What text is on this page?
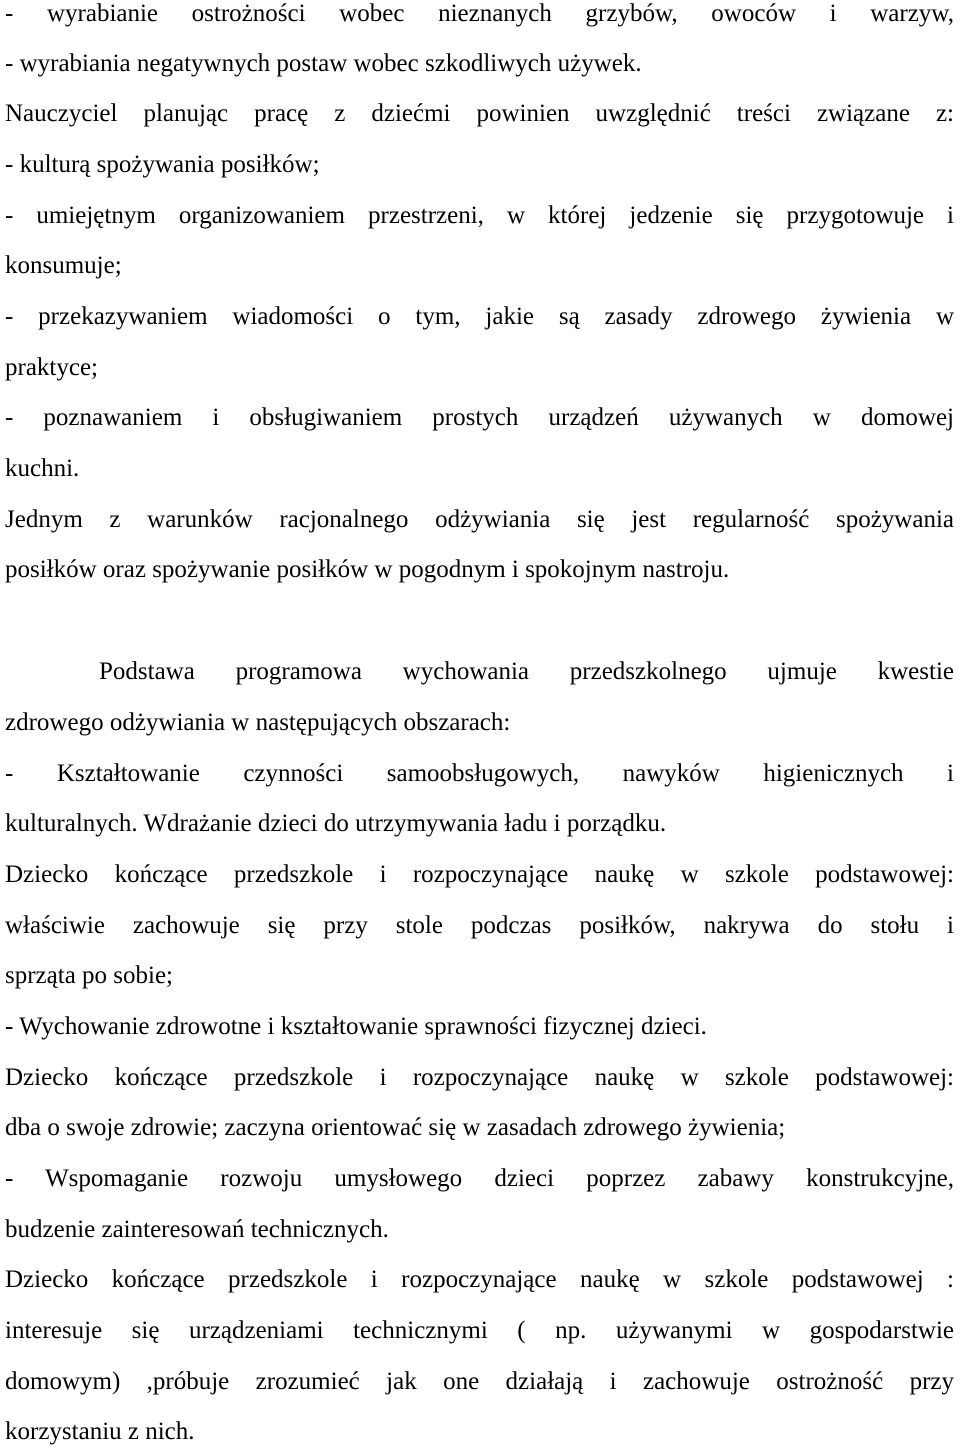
- wyrabianie ostrożności wobec nieznanych grzybów, owoców i warzyw,
- wyrabiania negatywnych postaw wobec szkodliwych używek.
Nauczyciel planując pracę z dziećmi powinien uwzględnić treści związane z:
- kulturą spożywania posiłków;
- umiejętnym organizowaniem przestrzeni, w której jedzenie się przygotowuje i
konsumuje;
- przekazywaniem wiadomości o tym, jakie są zasady zdrowego żywienia w
praktyce;
- poznawaniem i obsługiwaniem prostych urządzeń używanych w domowej
kuchni.
Jednym z warunków racjonalnego odżywiania się jest regularność spożywania
posiłków oraz spożywanie posiłków w pogodnym i spokojnym nastroju.
Podstawa programowa wychowania przedszkolnego ujmuje kwestie
zdrowego odżywiania w następujących obszarach:
- Kształtowanie czynności samoobsługowych, nawyków higienicznych i
kulturalnych. Wdrażanie dzieci do utrzymywania ładu i porządku.
Dziecko kończące przedszkole i rozpoczynające naukę w szkole podstawowej:
właściwie zachowuje się przy stole podczas posiłków, nakrywa do stołu i
sprząta po sobie;
- Wychowanie zdrowotne i kształtowanie sprawności fizycznej dzieci.
Dziecko kończące przedszkole i rozpoczynające naukę w szkole podstawowej:
dba o swoje zdrowie; zaczyna orientować się w zasadach zdrowego żywienia;
- Wspomaganie rozwoju umysłowego dzieci poprzez zabawy konstrukcyjne,
budzenie zainteresowań technicznych.
Dziecko kończące przedszkole i rozpoczynające naukę w szkole podstawowej :
interesuje się urządzeniami technicznymi ( np. używanymi w gospodarstwie
domowym) ,próbuje zrozumieć jak one działają i zachowuje ostrożność przy
korzystaniu z nich.
